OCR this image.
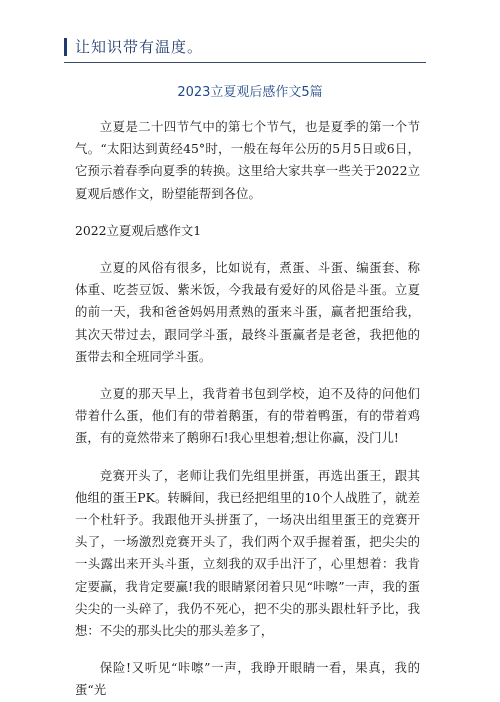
让知识带有温度。
2023立夏观后感作文5篇

立夏是二十四节气中的第七个节气，也是夏季的第一个节气。“太阳达到黄经45°时，一般在每年公历的5月5日或6日，它预示着春季向夏季的转换。这里给大家共享一些关于2022立夏观后感作文，盼望能帮到各位。

2022立夏观后感作文1

立夏的风俗有很多，比如说有，煮蛋、斗蛋、编蛋套、称体重、吃荟豆饭、紫米饭，今我最有爱好的风俗是斗蛋。立夏的前一天，我和爸爸妈妈用煮熟的蛋来斗蛋，赢者把蛋给我，其次天带过去，跟同学斗蛋，最终斗蛋赢者是老爸，我把他的蛋带去和全班同学斗蛋。

立夏的那天早上，我背着书包到学校，迫不及待的问他们带着什么蛋，他们有的带着鹅蛋，有的带着鸭蛋，有的带着鸡蛋，有的竟然带来了鹅卵石!我心里想着;想让你赢，没门儿!

竞赛开头了，老师让我们先组里拼蛋，再选出蛋王，跟其他组的蛋王PK。转瞬间，我已经把组里的10个人战胜了，就差一个杜轩予。我跟他开头拼蛋了，一场决出组里蛋王的竞赛开头了，一场激烈竞赛开头了，我们两个双手握着蛋，把尖尖的一头露出来开头斗蛋，立刻我的双手出汗了，心里想着：我肯定要赢，我肯定要赢!我的眼睛紧闭着只见“咔嚓”一声，我的蛋尖尖的一头碎了，我仍不死心，把不尖的那头跟杜轩予比，我想：不尖的那头比尖的那头差多了，

保险!又听见“咔嚓”一声，我睁开眼睛一看，果真，我的蛋“光
